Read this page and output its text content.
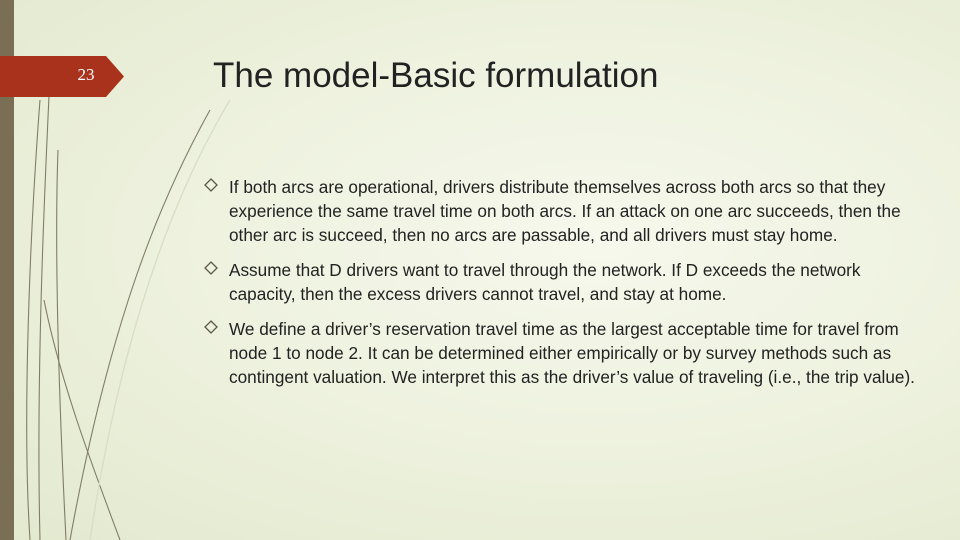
23	The model-Basic formulation
If both arcs are operational, drivers distribute themselves across both arcs so that they experience the same travel time on both arcs. If an attack on one arc succeeds, then the other arc is succeed, then no arcs are passable, and all drivers must stay home.
Assume that D drivers want to travel through the network. If D exceeds the network capacity, then the excess drivers cannot travel, and stay at home.
We define a driver’s reservation travel time as the largest acceptable time for travel from node 1 to node 2. It can be determined either empirically or by survey methods such as contingent valuation. We interpret this as the driver’s value of traveling (i.e., the trip value).
